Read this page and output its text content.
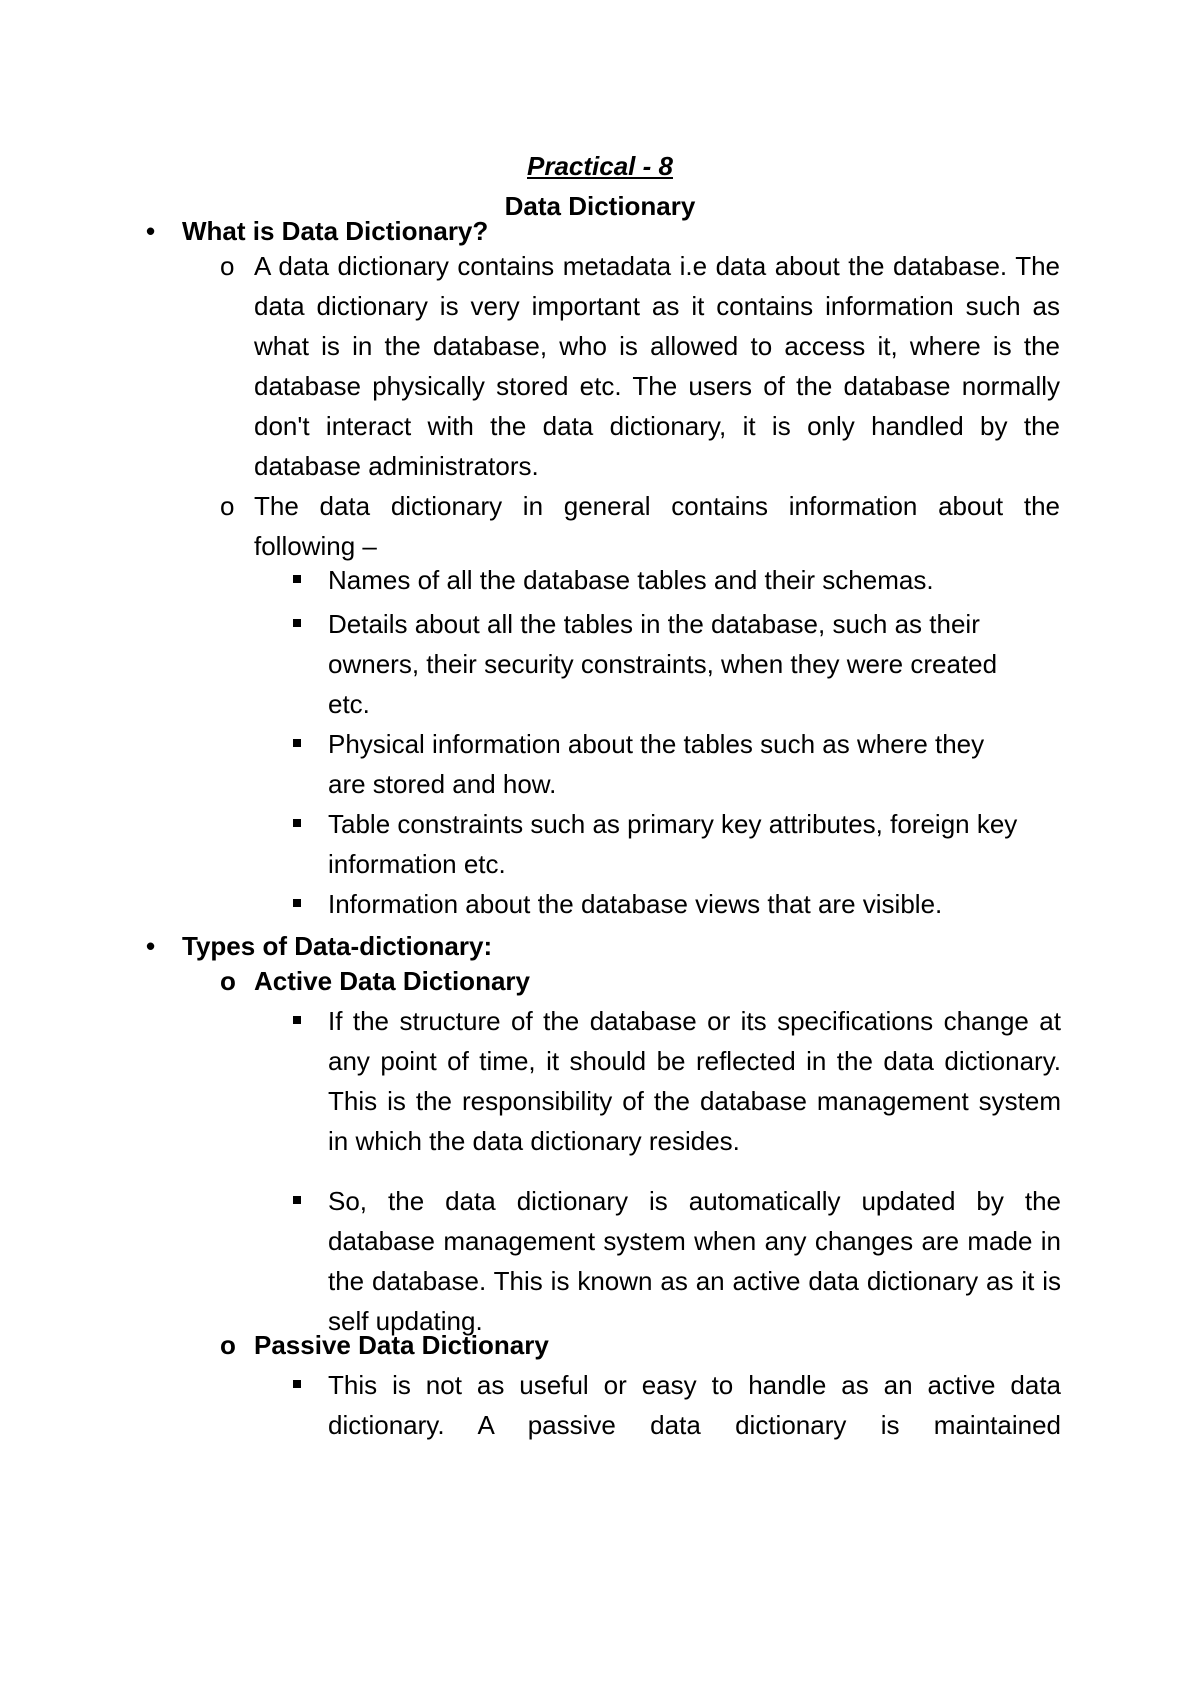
Practical - 8
Data Dictionary
• What is Data Dictionary?
o A data dictionary contains metadata i.e data about the database. The data dictionary is very important as it contains information such as what is in the database, who is allowed to access it, where is the database physically stored etc. The users of the database normally don't interact with the data dictionary, it is only handled by the database administrators.
o The data dictionary in general contains information about the following –
Names of all the database tables and their schemas.
Details about all the tables in the database, such as their owners, their security constraints, when they were created etc.
Physical information about the tables such as where they are stored and how.
Table constraints such as primary key attributes, foreign key information etc.
Information about the database views that are visible.
• Types of Data-dictionary:
o Active Data Dictionary
If the structure of the database or its specifications change at any point of time, it should be reflected in the data dictionary. This is the responsibility of the database management system in which the data dictionary resides.
So, the data dictionary is automatically updated by the database management system when any changes are made in the database. This is known as an active data dictionary as it is self updating.
o Passive Data Dictionary
This is not as useful or easy to handle as an active data dictionary. A passive data dictionary is maintained
